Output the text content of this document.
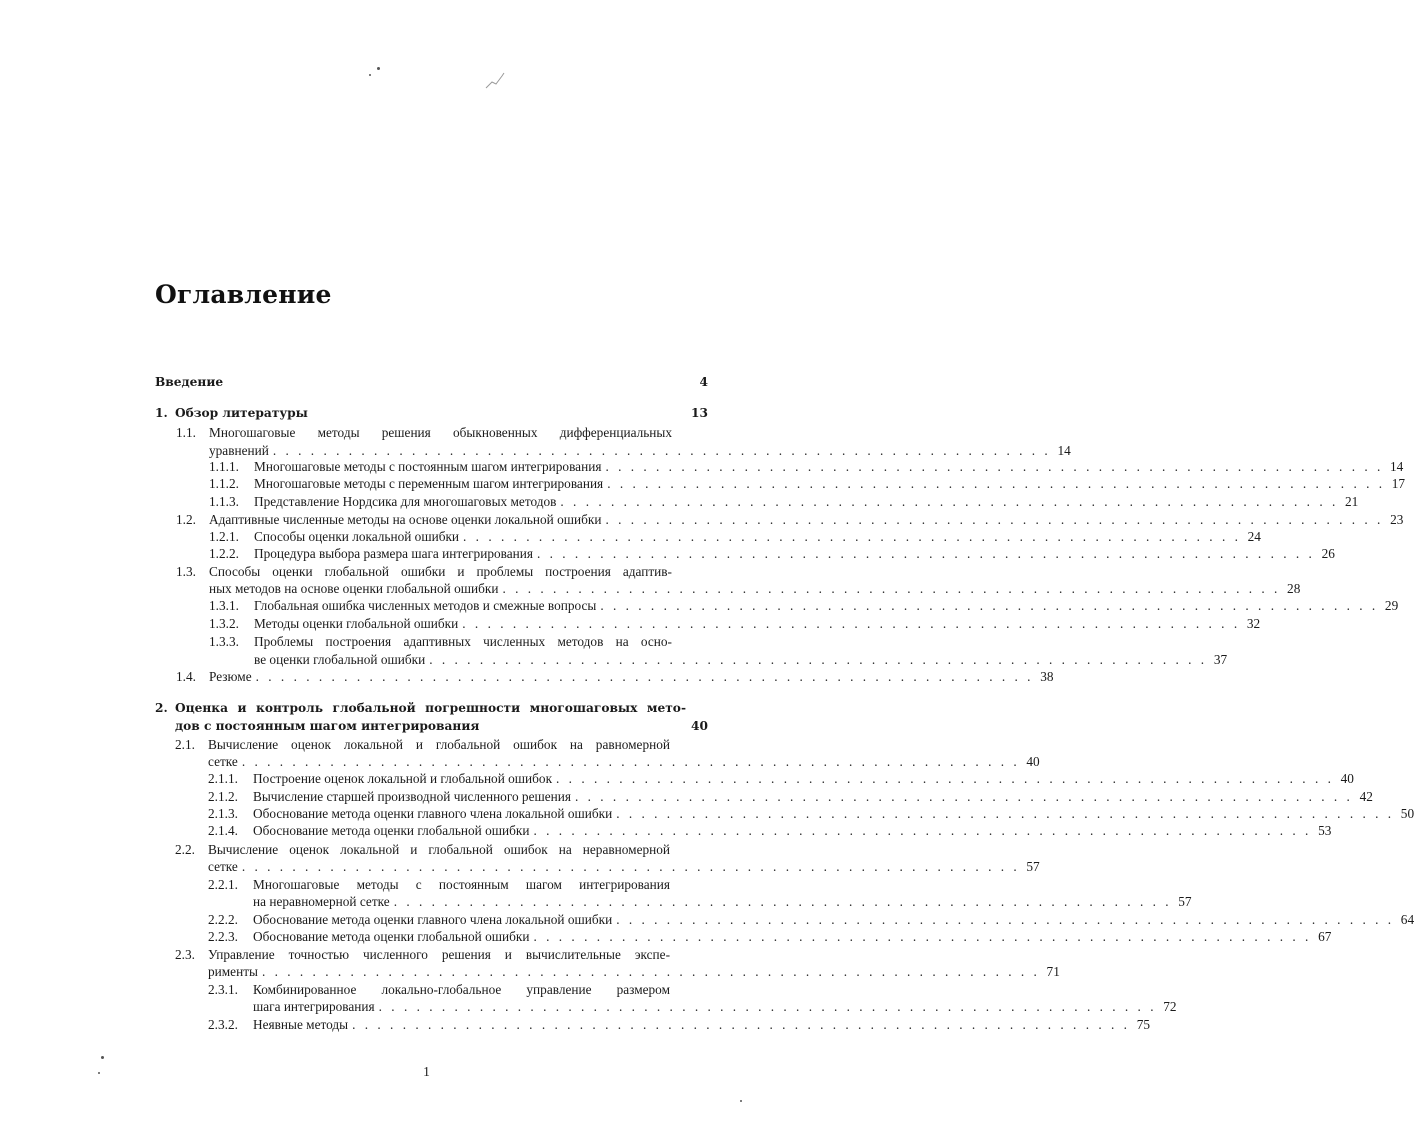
Оглавление
Введение	4
1. Обзор литературы	13
1.1. Многошаговые методы решения обыкновенных дифференциальных
уравнений . . . . . . . . . . . . . . . . . . . . . . . . . . . . . . . . . . . . . . . . . . . . . . . . . . . . . . . . . . . . . . 14
1.1.1.	Многошаговые методы с постоянным шагом интегрирования . . . . . . . . . . . . . . . . . . . . . . . . . . . . . . . . . . . . . . . . . . . . . . . . . . . . . . . . . . . . . . 14
1.1.2.	Многошаговые методы с переменным шагом интегрирования . . . . . . . . . . . . . . . . . . . . . . . . . . . . . . . . . . . . . . . . . . . . . . . . . . . . . . . . . . . . . . 17
1.1.3.	Представление Нордсика для многошаговых методов . . . . . . . . . . . . . . . . . . . . . . . . . . . . . . . . . . . . . . . . . . . . . . . . . . . . . . . . . . . . . . 21
1.2. Адаптивные численные методы на основе оценки локальной ошибки . . . . . . . . . . . . . . . . . . . . . . . . . . . . . . . . . . . . . . . . . . . . . . . . . . . . . . . . . . . . . . 23
1.2.1.	Способы оценки локальной ошибки . . . . . . . . . . . . . . . . . . . . . . . . . . . . . . . . . . . . . . . . . . . . . . . . . . . . . . . . . . . . . . 24
1.2.2.	Процедура выбора размера шага интегрирования . . . . . . . . . . . . . . . . . . . . . . . . . . . . . . . . . . . . . . . . . . . . . . . . . . . . . . . . . . . . . . 26
1.3. Способы оценки глобальной ошибки и проблемы построения адаптив-
ных методов на основе оценки глобальной ошибки . . . . . . . . . . . . . . . . . . . . . . . . . . . . . . . . . . . . . . . . . . . . . . . . . . . . . . . . . . . . . . 28
1.3.1.	Глобальная ошибка численных методов и смежные вопросы . . . . . . . . . . . . . . . . . . . . . . . . . . . . . . . . . . . . . . . . . . . . . . . . . . . . . . . . . . . . . . 29
1.3.2.	Методы оценки глобальной ошибки . . . . . . . . . . . . . . . . . . . . . . . . . . . . . . . . . . . . . . . . . . . . . . . . . . . . . . . . . . . . . . 32
1.3.3.	Проблемы построения адаптивных численных методов на осно-
ве оценки глобальной ошибки . . . . . . . . . . . . . . . . . . . . . . . . . . . . . . . . . . . . . . . . . . . . . . . . . . . . . . . . . . . . . . 37
1.4. Резюме . . . . . . . . . . . . . . . . . . . . . . . . . . . . . . . . . . . . . . . . . . . . . . . . . . . . . . . . . . . . . . 38
2. Оценка и контроль глобальной погрешности многошаговых мето-
дов с постоянным шагом интегрирования	40
2.1. Вычисление оценок локальной и глобальной ошибок на равномерной
сетке . . . . . . . . . . . . . . . . . . . . . . . . . . . . . . . . . . . . . . . . . . . . . . . . . . . . . . . . . . . . . . 40
2.1.1.	Построение оценок локальной и глобальной ошибок . . . . . . . . . . . . . . . . . . . . . . . . . . . . . . . . . . . . . . . . . . . . . . . . . . . . . . . . . . . . . . 40
2.1.2.	Вычисление старшей производной численного решения . . . . . . . . . . . . . . . . . . . . . . . . . . . . . . . . . . . . . . . . . . . . . . . . . . . . . . . . . . . . . . 42
2.1.3.	Обоснование метода оценки главного члена локальной ошибки . . . . . . . . . . . . . . . . . . . . . . . . . . . . . . . . . . . . . . . . . . . . . . . . . . . . . . . . . . . . . . 50
2.1.4.	Обоснование метода оценки глобальной ошибки . . . . . . . . . . . . . . . . . . . . . . . . . . . . . . . . . . . . . . . . . . . . . . . . . . . . . . . . . . . . . . 53
2.2. Вычисление оценок локальной и глобальной ошибок на неравномерной
сетке . . . . . . . . . . . . . . . . . . . . . . . . . . . . . . . . . . . . . . . . . . . . . . . . . . . . . . . . . . . . . . 57
2.2.1.	Многошаговые методы с постоянным шагом интегрирования
на неравномерной сетке . . . . . . . . . . . . . . . . . . . . . . . . . . . . . . . . . . . . . . . . . . . . . . . . . . . . . . . . . . . . . . 57
2.2.2.	Обоснование метода оценки главного члена локальной ошибки . . . . . . . . . . . . . . . . . . . . . . . . . . . . . . . . . . . . . . . . . . . . . . . . . . . . . . . . . . . . . . 64
2.2.3.	Обоснование метода оценки глобальной ошибки . . . . . . . . . . . . . . . . . . . . . . . . . . . . . . . . . . . . . . . . . . . . . . . . . . . . . . . . . . . . . . 67
2.3. Управление точностью численного решения и вычислительные экспе-
рименты . . . . . . . . . . . . . . . . . . . . . . . . . . . . . . . . . . . . . . . . . . . . . . . . . . . . . . . . . . . . . . 71
2.3.1.	Комбинированное локально-глобальное управление размером
шага интегрирования . . . . . . . . . . . . . . . . . . . . . . . . . . . . . . . . . . . . . . . . . . . . . . . . . . . . . . . . . . . . . . 72
2.3.2.	Неявные методы . . . . . . . . . . . . . . . . . . . . . . . . . . . . . . . . . . . . . . . . . . . . . . . . . . . . . . . . . . . . . . 75
1
